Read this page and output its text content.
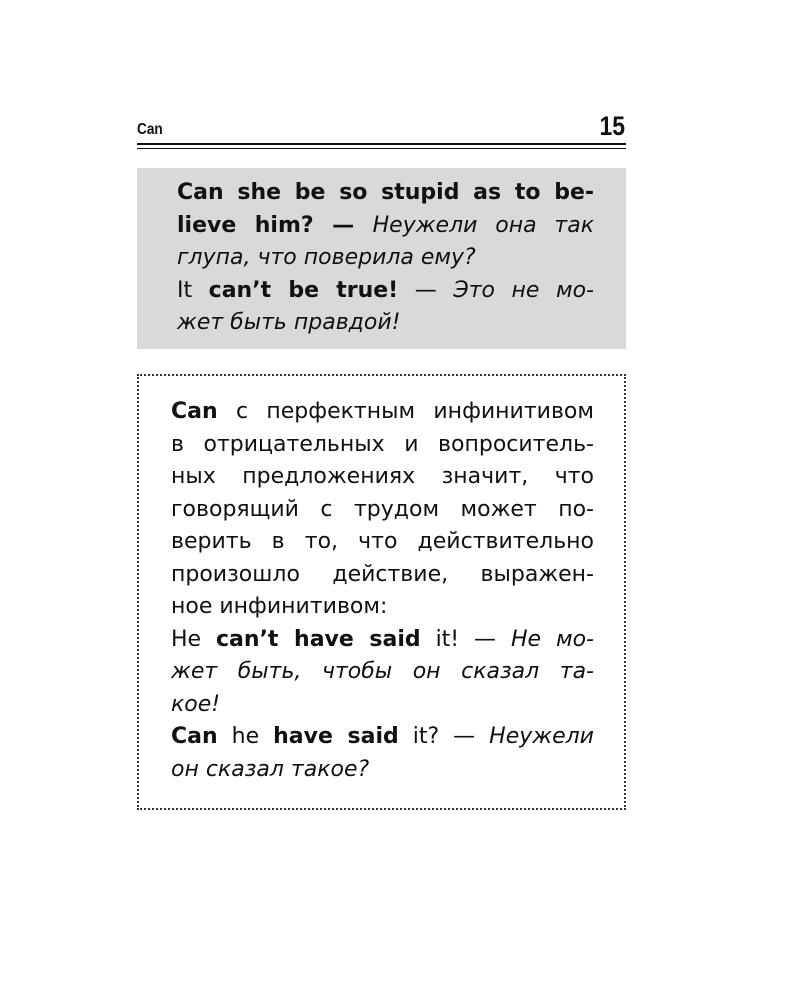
Can	15
Can she be so stupid as to be-
lieve him? — Неужели она так
глупа, что поверила ему?
It can’t be true! — Это не мо-
жет быть правдой!
Can с перфектным инфинитивом
в отрицательных и вопроситель-
ных предложениях значит, что
говорящий с трудом может по-
верить в то, что действительно
произошло действие, выражен-
ное инфинитивом:
He can’t have said it! — Не мо-
жет быть, чтобы он сказал та-
кое!
Can he have said it? — Неужели
он сказал такое?
